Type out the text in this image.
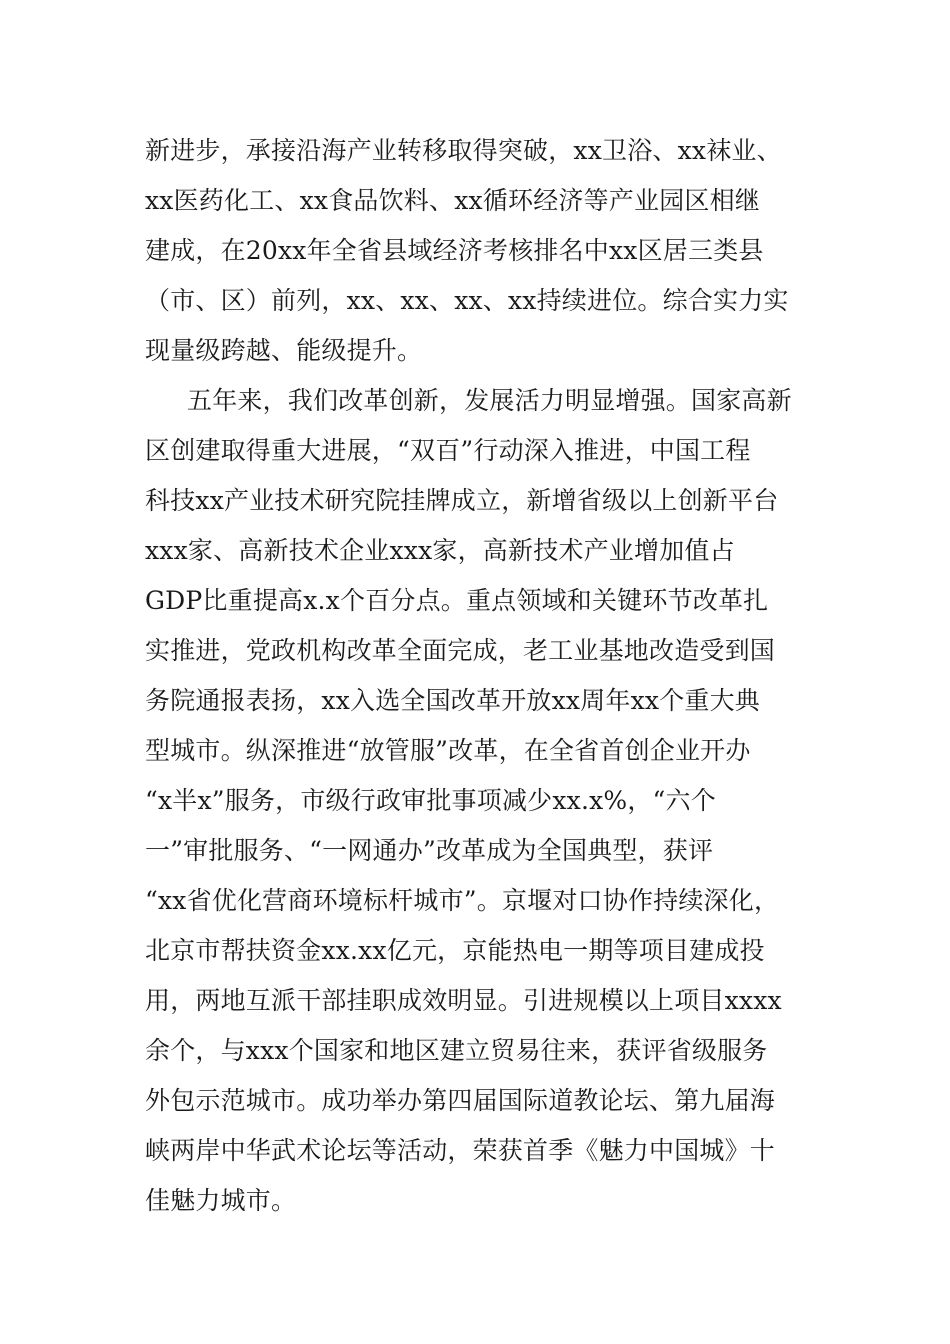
新进步，承接沿海产业转移取得突破，xx卫浴、xx袜业、
xx医药化工、xx食品饮料、xx循环经济等产业园区相继
建成，在20xx年全省县域经济考核排名中xx区居三类县
（市、区）前列，xx、xx、xx、xx持续进位。综合实力实
现量级跨越、能级提升。
五年来，我们改革创新，发展活力明显增强。国家高新
区创建取得重大进展，“双百”行动深入推进，中国工程
科技xx产业技术研究院挂牌成立，新增省级以上创新平台
xxx家、高新技术企业xxx家，高新技术产业增加值占
GDP比重提高x.x个百分点。重点领域和关键环节改革扎
实推进，党政机构改革全面完成，老工业基地改造受到国
务院通报表扬，xx入选全国改革开放xx周年xx个重大典
型城市。纵深推进“放管服”改革，在全省首创企业开办
“x半x”服务，市级行政审批事项减少xx.x%，“六个
一”审批服务、“一网通办”改革成为全国典型，获评
“xx省优化营商环境标杆城市”。京堰对口协作持续深化，
北京市帮扶资金xx.xx亿元，京能热电一期等项目建成投
用，两地互派干部挂职成效明显。引进规模以上项目xxxx
余个，与xxx个国家和地区建立贸易往来，获评省级服务
外包示范城市。成功举办第四届国际道教论坛、第九届海
峡两岸中华武术论坛等活动，荣获首季《魅力中国城》十
佳魅力城市。
